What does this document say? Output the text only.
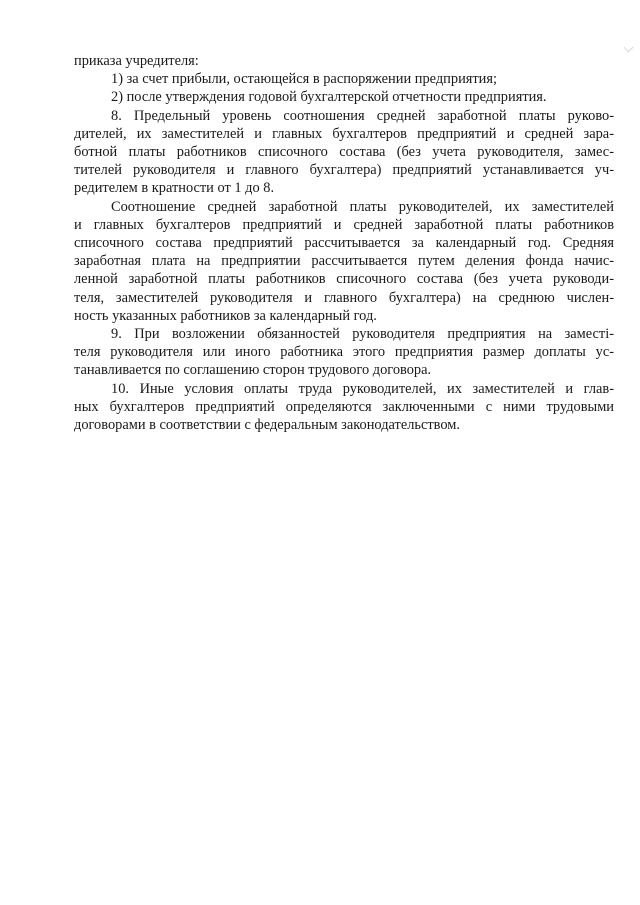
приказа учредителя:
1) за счет прибыли, остающейся в распоряжении предприятия;
2) после утверждения годовой бухгалтерской отчетности предприятия.
8. Предельный уровень соотношения средней заработной платы руково-
дителей, их заместителей и главных бухгалтеров предприятий и средней зара-
ботной платы работников списочного состава (без учета руководителя, замес-
тителей руководителя и главного бухгалтера) предприятий устанавливается уч-
редителем в кратности от 1 до 8.
Соотношение средней заработной платы руководителей, их заместителей
и главных бухгалтеров предприятий и средней заработной платы работников
списочного состава предприятий рассчитывается за календарный год. Средняя
заработная плата на предприятии рассчитывается путем деления фонда начис-
ленной заработной платы работников списочного состава (без учета руководи-
теля, заместителей руководителя и главного бухгалтера) на среднюю числен-
ность указанных работников за календарный год.
9. При возложении обязанностей руководителя предприятия на заместі-
теля руководителя или иного работника этого предприятия размер доплаты ус-
танавливается по соглашению сторон трудового договора.
10. Иные условия оплаты труда руководителей, их заместителей и глав-
ных бухгалтеров предприятий определяются заключенными с ними трудовыми
договорами в соответствии с федеральным законодательством.
